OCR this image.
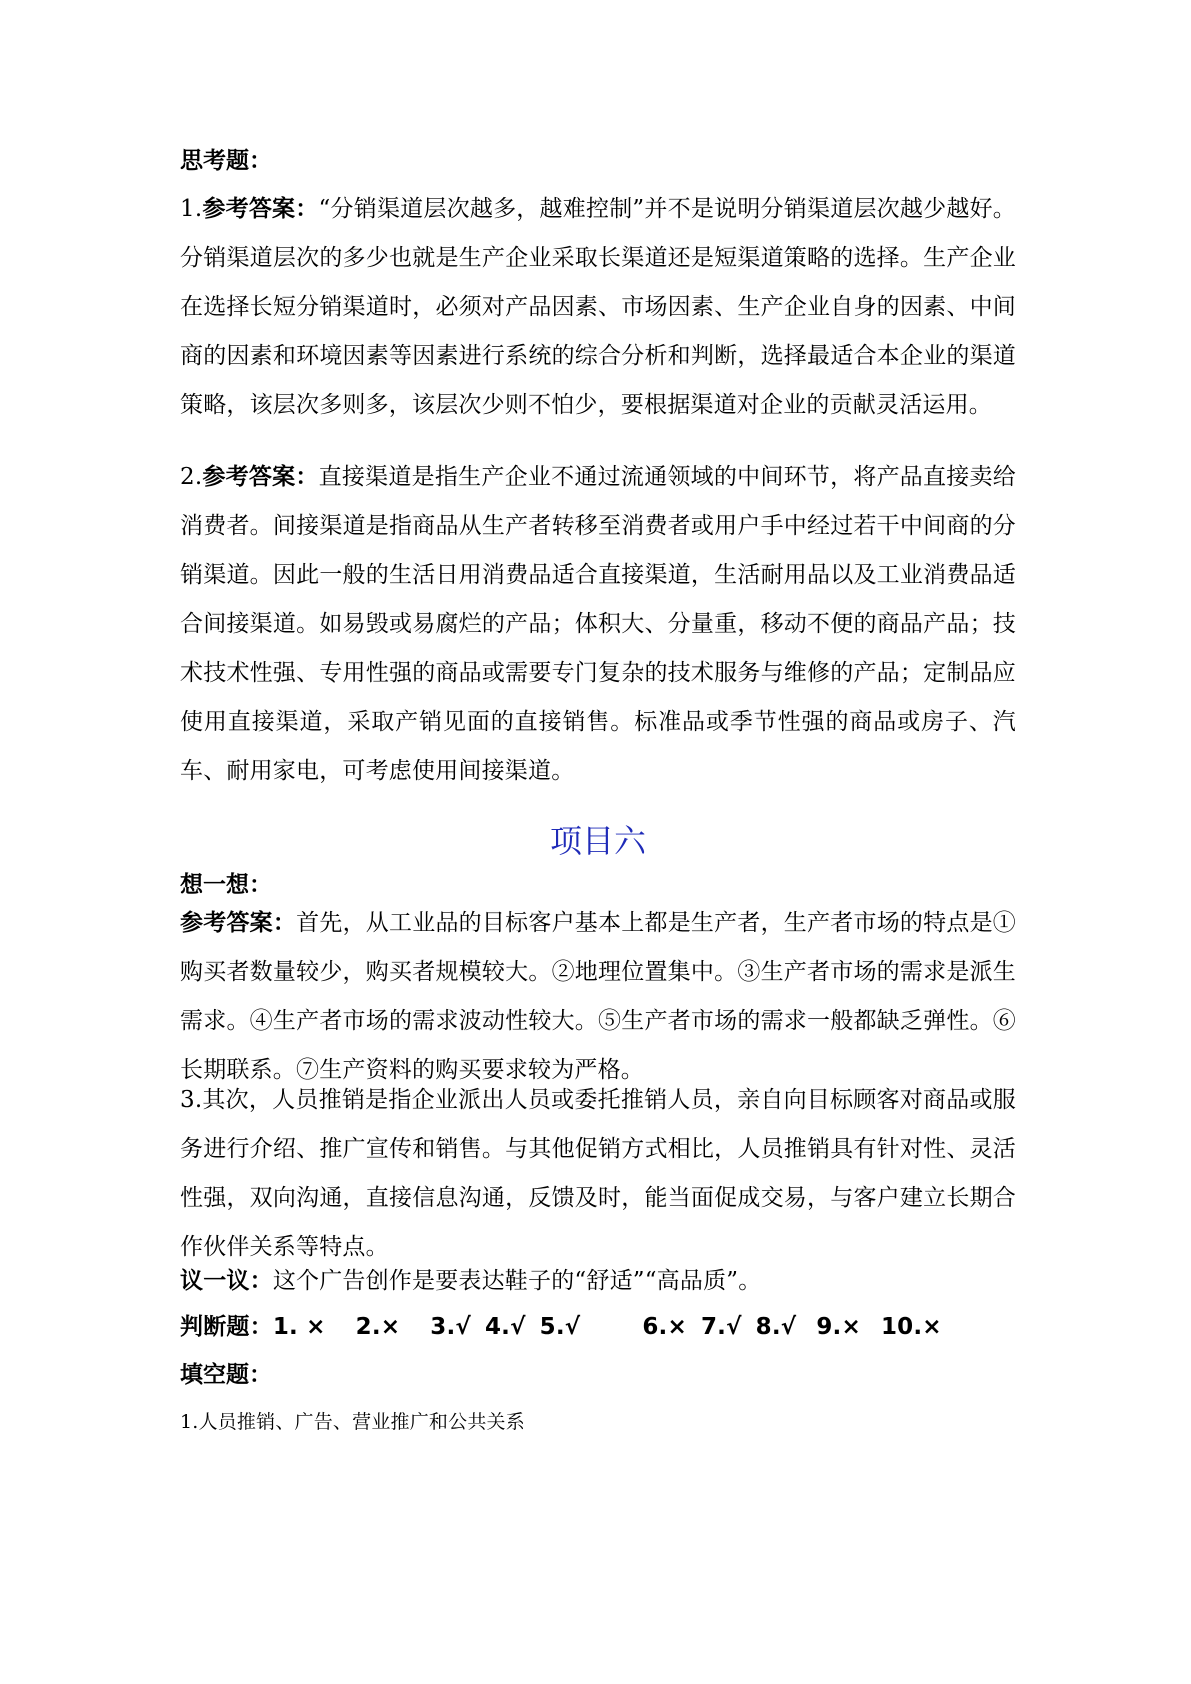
思考题：

1.参考答案：“分销渠道层次越多，越难控制”并不是说明分销渠道层次越少越好。分销渠道层次的多少也就是生产企业采取长渠道还是短渠道策略的选择。生产企业在选择长短分销渠道时，必须对产品因素、市场因素、生产企业自身的因素、中间商的因素和环境因素等因素进行系统的综合分析和判断，选择最适合本企业的渠道策略，该层次多则多，该层次少则不怕少，要根据渠道对企业的贡献灵活运用。

2.参考答案：直接渠道是指生产企业不通过流通领域的中间环节，将产品直接卖给消费者。间接渠道是指商品从生产者转移至消费者或用户手中经过若干中间商的分销渠道。因此一般的生活日用消费品适合直接渠道，生活耐用品以及工业消费品适合间接渠道。如易毁或易腐烂的产品；体积大、分量重，移动不便的商品产品；技术技术性强、专用性强的商品或需要专门复杂的技术服务与维修的产品；定制品应使用直接渠道，采取产销见面的直接销售。标准品或季节性强的商品或房子、汽车、耐用家电，可考虑使用间接渠道。

项目六

想一想：

参考答案：首先，从工业品的目标客户基本上都是生产者，生产者市场的特点是①购买者数量较少，购买者规模较大。②地理位置集中。③生产者市场的需求是派生需求。④生产者市场的需求波动性较大。⑤生产者市场的需求一般都缺乏弹性。⑥长期联系。⑦生产资料的购买要求较为严格。

3.其次，人员推销是指企业派出人员或委托推销人员，亲自向目标顾客对商品或服务进行介绍、推广宣传和销售。与其他促销方式相比，人员推销具有针对性、灵活性强，双向沟通，直接信息沟通，反馈及时，能当面促成交易，与客户建立长期合作伙伴关系等特点。

议一议：这个广告创作是要表达鞋子的“舒适”“高品质”。

判断题：1. × 2.× 3.√ 4.√ 5.√	6.× 7.√ 8.√ 9.× 10.×

填空题：

1.人员推销、广告、营业推广和公共关系
